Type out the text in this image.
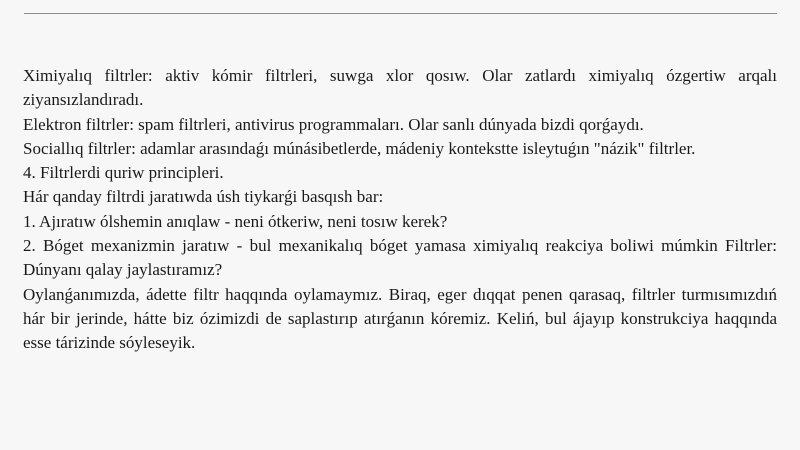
Ximiyalıq filtrler: aktiv kómir filtrleri, suwga xlor qosıw. Olar zatlardı ximiyalıq ózgertiw arqalı ziyansızlandıradı.

Elektron filtrler: spam filtrleri, antivirus programmaları. Olar sanlı dúnyada bizdi qorǵaydı.

Sociallıq filtrler: adamlar arasındaǵı múnásibetlerde, mádeniy kontekstte isleytuǵın "názik" filtrler.

4. Filtrlerdi quriw principleri.

Hár qanday filtrdi jaratıwda úsh tiykarǵi basqısh bar:

1. Ajıratıw ólshemin anıqlaw - neni ótkeriw, neni tosıw kerek?

2. Bóget mexanizmin jaratıw - bul mexanikalıq bóget yamasa ximiyalıq reakciya boliwi múmkin Filtrler: Dúnyanı qalay jaylastıramız?

Oylanǵanımızda, ádette filtr haqqında oylamaymız. Biraq, eger dıqqat penen qarasaq, filtrler turmısımızdıń hár bir jerinde, hátte biz ózimizdi de saplastırıp atırǵanın kóremiz. Keliń, bul ájayıp konstrukciya haqqında esse tárizinde sóyleseyik.
